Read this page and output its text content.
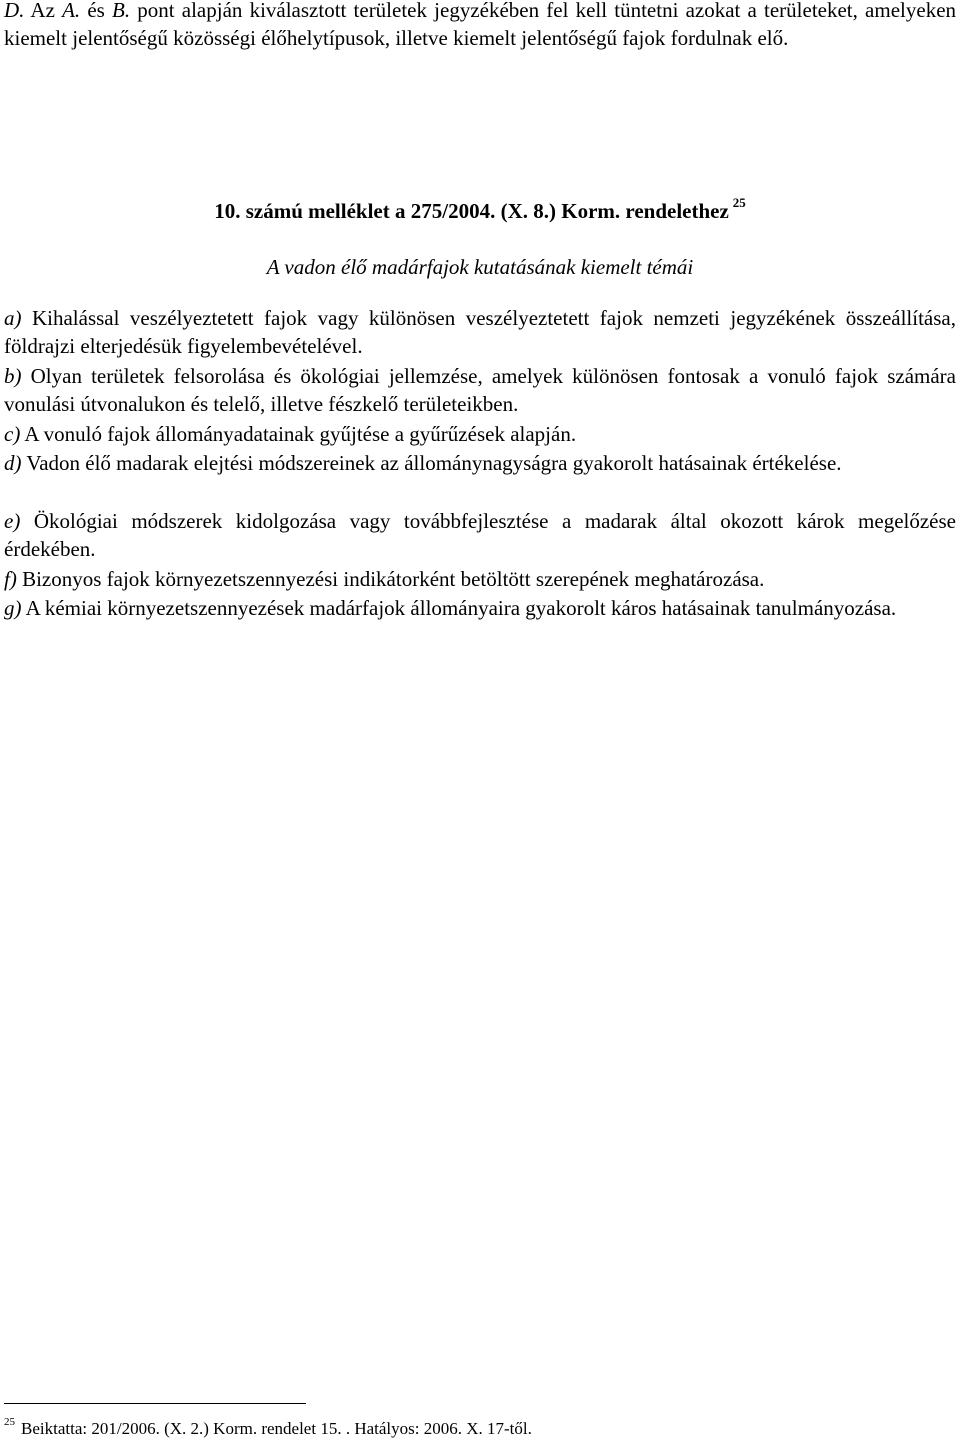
D. Az A. és B. pont alapján kiválasztott területek jegyzékében fel kell tüntetni azokat a területeket, amelyeken kiemelt jelentőségű közösségi élőhelytípusok, illetve kiemelt jelentőségű fajok fordulnak elő.

10. számú melléklet a 275/2004. (X. 8.) Korm. rendelethez $^{25}$

A vadon élő madárfajok kutatásának kiemelt témái

a) Kihalással veszélyeztetett fajok vagy különösen veszélyeztetett fajok nemzeti jegyzékének összeállítása, földrajzi elterjedésük figyelembevételével.

b) Olyan területek felsorolása és ökológiai jellemzése, amelyek különösen fontosak a vonuló fajok számára vonulási útvonalukon és telelő, illetve fészkelő területeikben.

c) A vonuló fajok állományadatainak gyűjtése a gyűrűzések alapján.

d) Vadon élő madarak elejtési módszereinek az állománynagyságra gyakorolt hatásainak értékelése.

e) Ökológiai módszerek kidolgozása vagy továbbfejlesztése a madarak által okozott károk megelőzése érdekében.

f) Bizonyos fajok környezetszennyezési indikátorként betöltött szerepének meghatározása.

g) A kémiai környezetszennyezések madárfajok állományaira gyakorolt káros hatásainak tanulmányozása.

$^{25}$ Beiktatta: 201/2006. (X. 2.) Korm. rendelet 15. . Hatályos: 2006. X. 17-től.
